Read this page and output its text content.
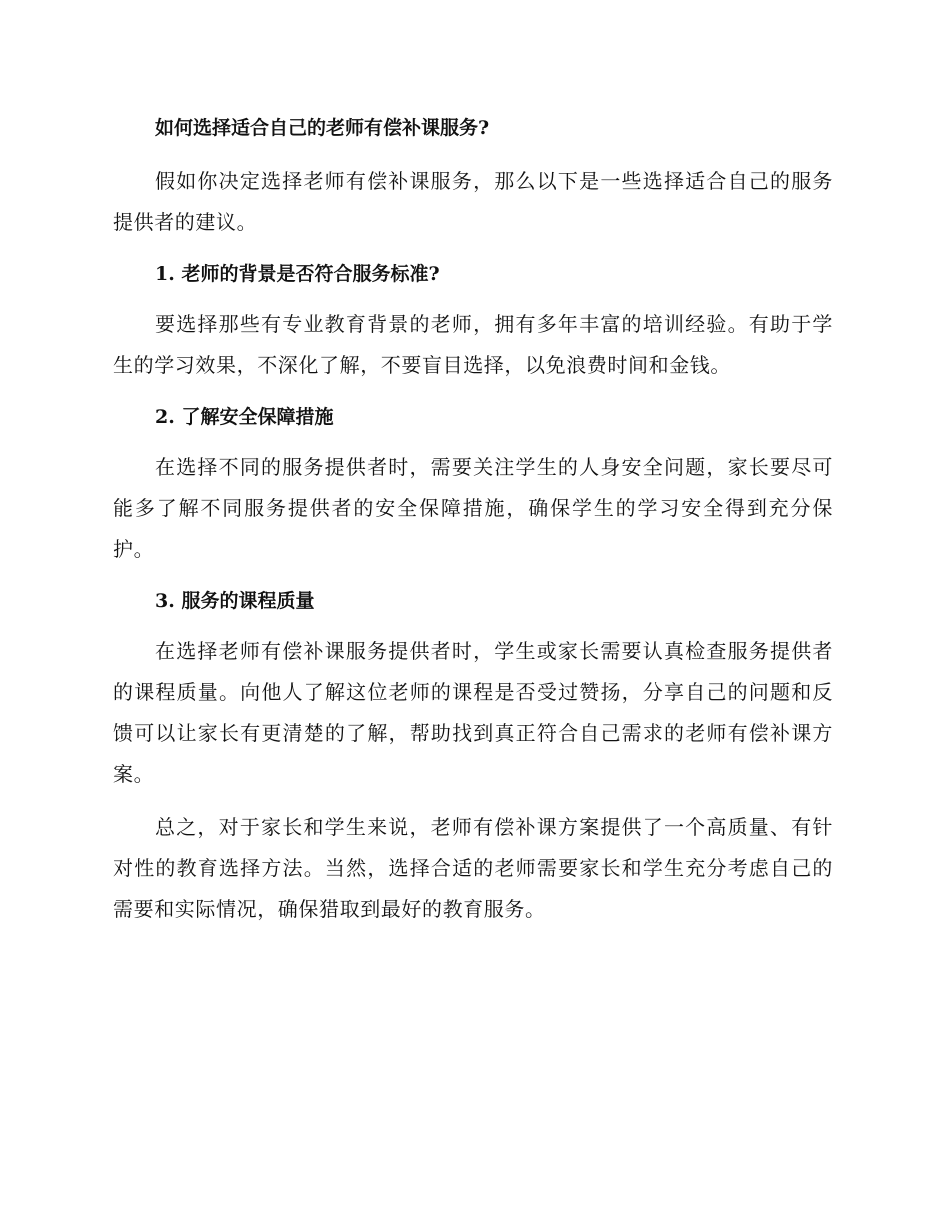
如何选择适合自己的老师有偿补课服务?

假如你决定选择老师有偿补课服务，那么以下是一些选择适合自己的服务提供者的建议。

1. 老师的背景是否符合服务标准?

要选择那些有专业教育背景的老师，拥有多年丰富的培训经验。有助于学生的学习效果，不深化了解，不要盲目选择，以免浪费时间和金钱。

2. 了解安全保障措施

在选择不同的服务提供者时，需要关注学生的人身安全问题，家长要尽可能多了解不同服务提供者的安全保障措施，确保学生的学习安全得到充分保护。

3. 服务的课程质量

在选择老师有偿补课服务提供者时，学生或家长需要认真检查服务提供者的课程质量。向他人了解这位老师的课程是否受过赞扬，分享自己的问题和反馈可以让家长有更清楚的了解，帮助找到真正符合自己需求的老师有偿补课方案。

总之，对于家长和学生来说，老师有偿补课方案提供了一个高质量、有针对性的教育选择方法。当然，选择合适的老师需要家长和学生充分考虑自己的需要和实际情况，确保猎取到最好的教育服务。
